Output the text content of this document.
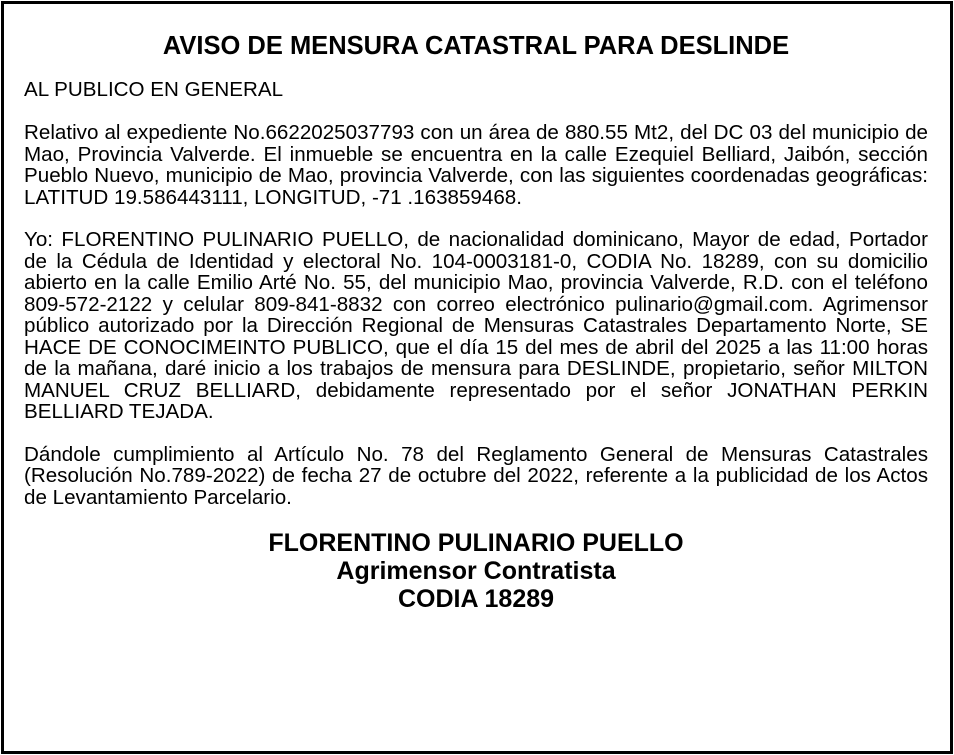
AVISO DE MENSURA CATASTRAL PARA DESLINDE
AL PUBLICO EN GENERAL

Relativo al expediente No.6622025037793 con un área de 880.55 Mt2, del DC 03 del municipio de Mao, Provincia Valverde. El inmueble se encuentra en la calle Ezequiel Belliard, Jaibón, sección Pueblo Nuevo, municipio de Mao, provincia Valverde, con las siguientes coordenadas geográficas: LATITUD 19.586443111, LONGITUD, -71 .163859468.

Yo: FLORENTINO PULINARIO PUELLO, de nacionalidad dominicano, Mayor de edad, Portador de la Cédula de Identidad y electoral No. 104-0003181-0, CODIA No. 18289, con su domicilio abierto en la calle Emilio Arté No. 55, del municipio Mao, provincia Valverde, R.D. con el teléfono 809-572-2122 y celular 809-841-8832 con correo electrónico pulinario@gmail.com. Agrimensor público autorizado por la Dirección Regional de Mensuras Catastrales Departamento Norte, SE HACE DE CONOCIMEINTO PUBLICO, que el día 15 del mes de abril del 2025 a las 11:00 horas de la mañana, daré inicio a los trabajos de mensura para DESLINDE, propietario, señor MILTON MANUEL CRUZ BELLIARD, debidamente representado por el señor JONATHAN PERKIN BELLIARD TEJADA.

Dándole cumplimiento al Artículo No. 78 del Reglamento General de Mensuras Catastrales (Resolución No.789-2022) de fecha 27 de octubre del 2022, referente a la publicidad de los Actos de Levantamiento Parcelario.

FLORENTINO PULINARIO PUELLO
Agrimensor Contratista
CODIA 18289
